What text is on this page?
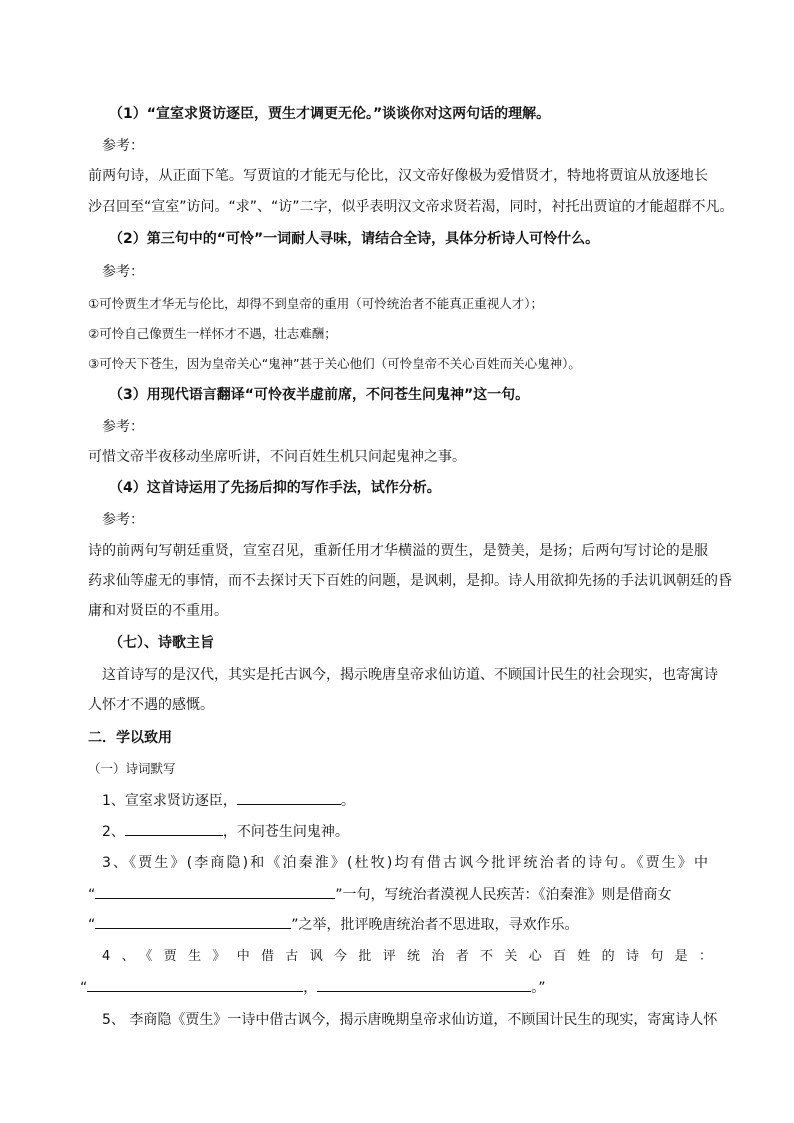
（1）“宣室求贤访逐臣，贾生才调更无伦。”谈谈你对这两句话的理解。
参考：
前两句诗，从正面下笔。写贾谊的才能无与伦比，汉文帝好像极为爱惜贤才，特地将贾谊从放逐地长
沙召回至“宣室”访问。“求”、“访”二字，似乎表明汉文帝求贤若渴，同时，衬托出贾谊的才能超群不凡。
（2）第三句中的“可怜”一词耐人寻味，请结合全诗，具体分析诗人可怜什么。
参考：
①可怜贾生才华无与伦比，却得不到皇帝的重用（可怜统治者不能真正重视人才）；
②可怜自己像贾生一样怀才不遇，壮志难酬；
③可怜天下苍生，因为皇帝关心“鬼神”甚于关心他们（可怜皇帝不关心百姓而关心鬼神）。
（3）用现代语言翻译“可怜夜半虚前席，不问苍生问鬼神”这一句。
参考：
可惜文帝半夜移动坐席听讲，不问百姓生机只问起鬼神之事。
（4）这首诗运用了先扬后抑的写作手法，试作分析。
参考：
诗的前两句写朝廷重贤，宣室召见，重新任用才华横溢的贾生，是赞美，是扬；后两句写讨论的是服
药求仙等虚无的事情，而不去探讨天下百姓的问题，是讽刺，是抑。诗人用欲抑先扬的手法讥讽朝廷的昏
庸和对贤臣的不重用。
（七）、诗歌主旨
这首诗写的是汉代，其实是托古讽今，揭示晚唐皇帝求仙访道、不顾国计民生的社会现实，也寄寓诗
人怀才不遇的感慨。
二．学以致用
（一）诗词默写
1、宣室求贤访逐臣，	。
2、	，不问苍生问鬼神。
3、《贾生》(李商隐)和《泊秦淮》(杜牧)均有借古讽今批评统治者的诗句。《贾生》中
“	”一句，写统治者漠视人民疾苦：《泊秦淮》则是借商女
“	”之举，批评晚唐统治者不思进取，寻欢作乐。
4、《贾生》中借古讽今批评统治者不关心百姓的诗句是：
“	，	。”
5、 李商隐《贾生》一诗中借古讽今，揭示唐晚期皇帝求仙访道，不顾国计民生的现实，寄寓诗人怀
